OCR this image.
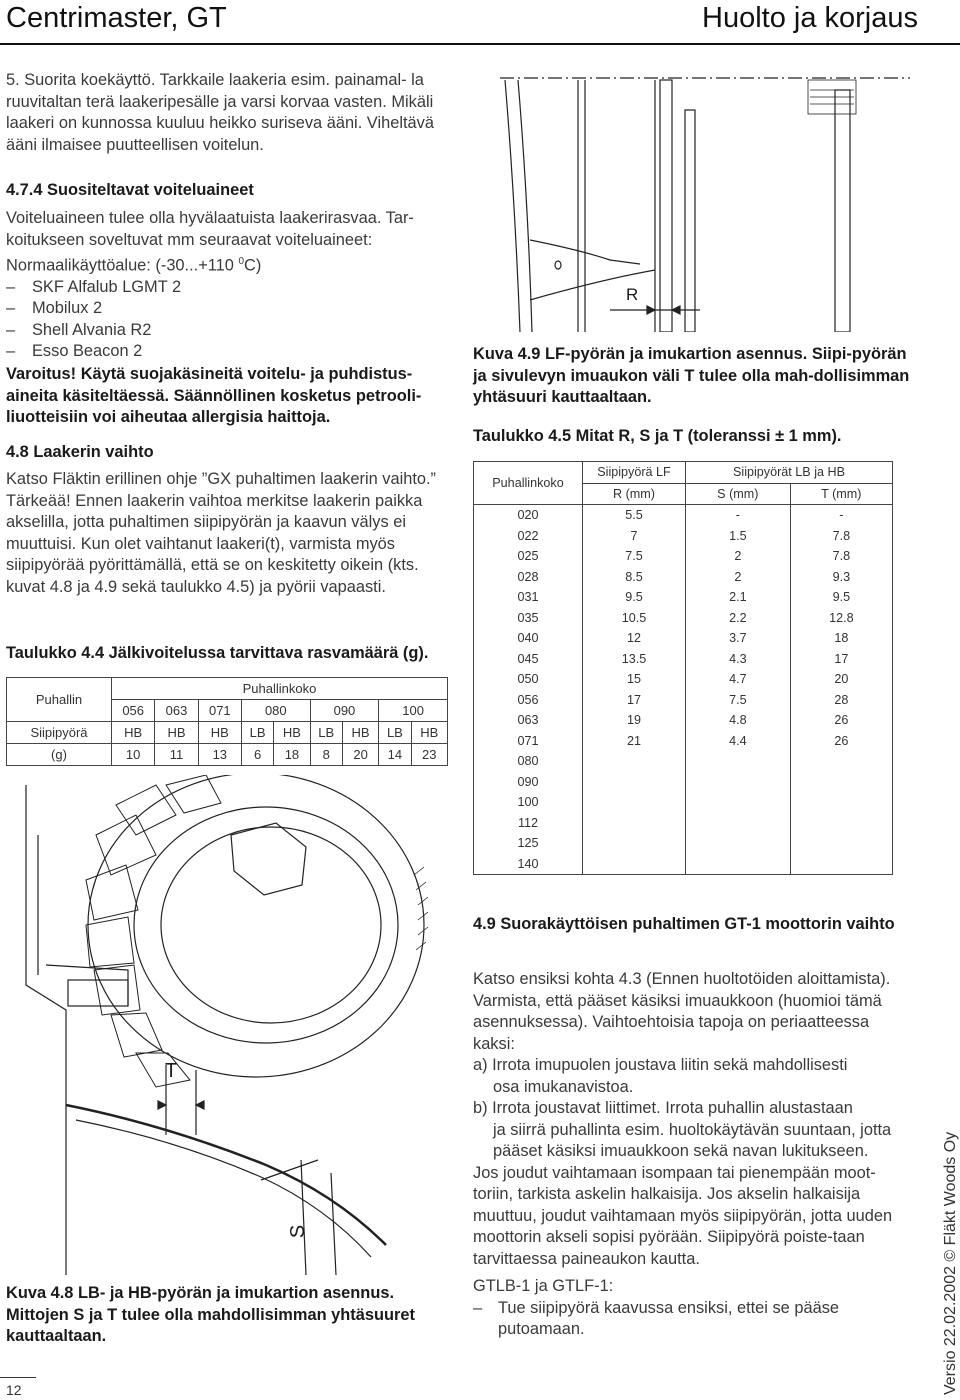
Centrimaster, GT	Huolto ja korjaus
5. Suorita koekäyttö. Tarkkaile laakeria esim. painamal- la ruuvitaltan terä laakeripesälle ja varsi korvaa vasten. Mikäli laakeri on kunnossa kuuluu heikko suriseva ääni. Viheltävä ääni ilmaisee puutteellisen voitelun.
4.7.4 Suositeltavat voiteluaineet

Voiteluaineen tulee olla hyvälaatuista laakerirasvaa. Tar-koitukseen soveltuvat mm seuraavat voiteluaineet:

Normaalikäyttöalue: (-30...+110 $^0$C)

–	SKF Alfalub LGMT 2
–	Mobilux 2
–	Shell Alvania R2
–	Esso Beacon 2
Varoitus! Käytä suojakäsineitä voitelu- ja puhdistus-aineita käsiteltäessä. Säännöllinen kosketus petrooli-liuotteisiin voi aiheutaa allergisia haittoja.
4.8 Laakerin vaihto
Katso Fläktin erillinen ohje ”GX puhaltimen laakerin vaihto.” Tärkeää! Ennen laakerin vaihtoa merkitse laakerin paikka akselilla, jotta puhaltimen siipipyörän ja kaavun välys ei muuttuisi. Kun olet vaihtanut laakeri(t), varmista myös siipipyörää pyörittämällä, että se on keskitetty oikein (kts. kuvat 4.8 ja 4.9 sekä taulukko 4.5) ja pyörii vapaasti.
Taulukko 4.4 Jälkivoitelussa tarvittava rasvamäärä (g).
Puhallin	Puhallinkoko								
	056	063	071	080		090		100	
Siipipyörä	HB	HB	HB	LB	HB	LB	HB	LB	HB
(g)	10	11	13	6	18	8	20	14	23
T
S
Kuva 4.8 LB- ja HB-pyörän ja imukartion asennus. Mittojen S ja T tulee olla mahdollisimman yhtäsuuret kauttaaltaan.
R
Kuva 4.9 LF-pyörän ja imukartion asennus. Siipi-pyörän ja sivulevyn imuaukon väli T tulee olla mah-dollisimman yhtäsuuri kauttaaltaan.
Taulukko 4.5 Mitat R, S ja T (toleranssi ± 1 mm).
Puhallinkoko	Siipipyörä LF	Siipipyörät LB ja HB	
	R (mm)	S (mm)	T (mm)
020	5.5	-	-
022	7	1.5	7.8
025	7.5	2	7.8
028	8.5	2	9.3
031	9.5	2.1	9.5
035	10.5	2.2	12.8
040	12	3.7	18
045	13.5	4.3	17
050	15	4.7	20
056	17	7.5	28
063	19	4.8	26
071	21	4.4	26
080			
090			
100			
112			
125			
140			
4.9 Suorakäyttöisen puhaltimen GT-1 moottorin vaihto

Katso ensiksi kohta 4.3 (Ennen huoltotöiden aloittamista). Varmista, että pääset käsiksi imuaukkoon (huomioi tämä asennuksessa). Vaihtoehtoisia tapoja on periaatteessa kaksi:

a) Irrota imupuolen joustava liitin sekä mahdollisesti

osa imukanavistoa.

b) Irrota joustavat liittimet. Irrota puhallin alustastaan

ja siirrä puhallinta esim. huoltokäytävän suuntaan, jotta pääset käsiksi imuaukkoon sekä navan lukitukseen.

Jos joudut vaihtamaan isompaan tai pienempään moot-toriin, tarkista askelin halkaisija. Jos akselin halkaisija muuttuu, joudut vaihtamaan myös siipipyörän, jotta uuden moottorin akseli sopisi pyörään. Siipipyörä poiste-taan tarvittaessa paineaukon kautta.

GTLB-1 ja GTLF-1:

– Tue siipipyörä kaavussa ensiksi, ettei se pääse putoamaan.
12	Versio 22.02.2002 © Fläkt Woods Oy
